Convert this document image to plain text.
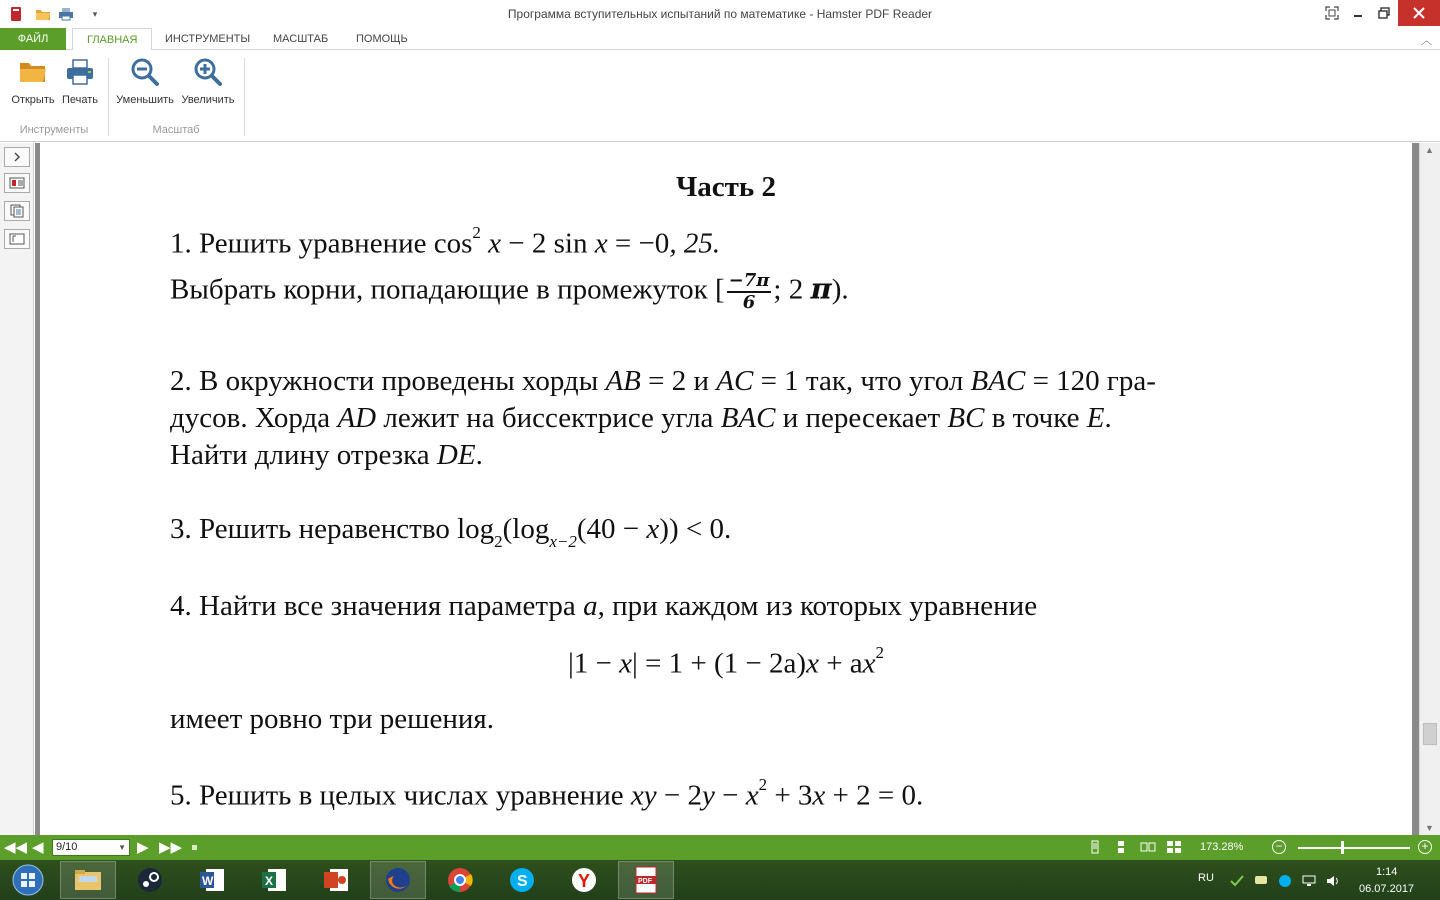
▾	Программа вступительных испытаний по математике - Hamster PDF Reader
ФАЙЛ	ГЛАВНАЯ	ИНСТРУМЕНТЫ	МАСШТАБ	ПОМОЩЬ	︿
Открыть Печать
Инструменты
Уменьшить Увеличить
Масштаб
Часть 2
1. Решить уравнение $\cos^2 x - 2$ sin x = −0, 25.
Выбрать корни, попадающие в промежуток [ $\frac{-7\pi}{6}$ ; 2 π).
2. В окружности проведены хорды AB = 2 и AC = 1 так, что угол BAC = 120 гра-
дусов. Хорда AD лежит на биссектрисе угла BAC и пересекает BC в точке E.
Найти длину отрезка DE.
3. Решить неравенство $\log_2(\log_{x-2}(40 - x)) < 0$.
4. Найти все значения параметра a, при каждом из которых уравнение
$|1 - x| = 1 + (1 - 2a)x + ax^2$
имеет ровно три решения.
5. Решить в целых числах уравнение xy − $2y - x^2 + 3x + 2 = 0$.
▲
▼
◀◀ ◀	9/10	▼ ▶ ▶▶	173.28%	−	+
W	X	S	Y	PDF	RU	1:14
06.07.2017
